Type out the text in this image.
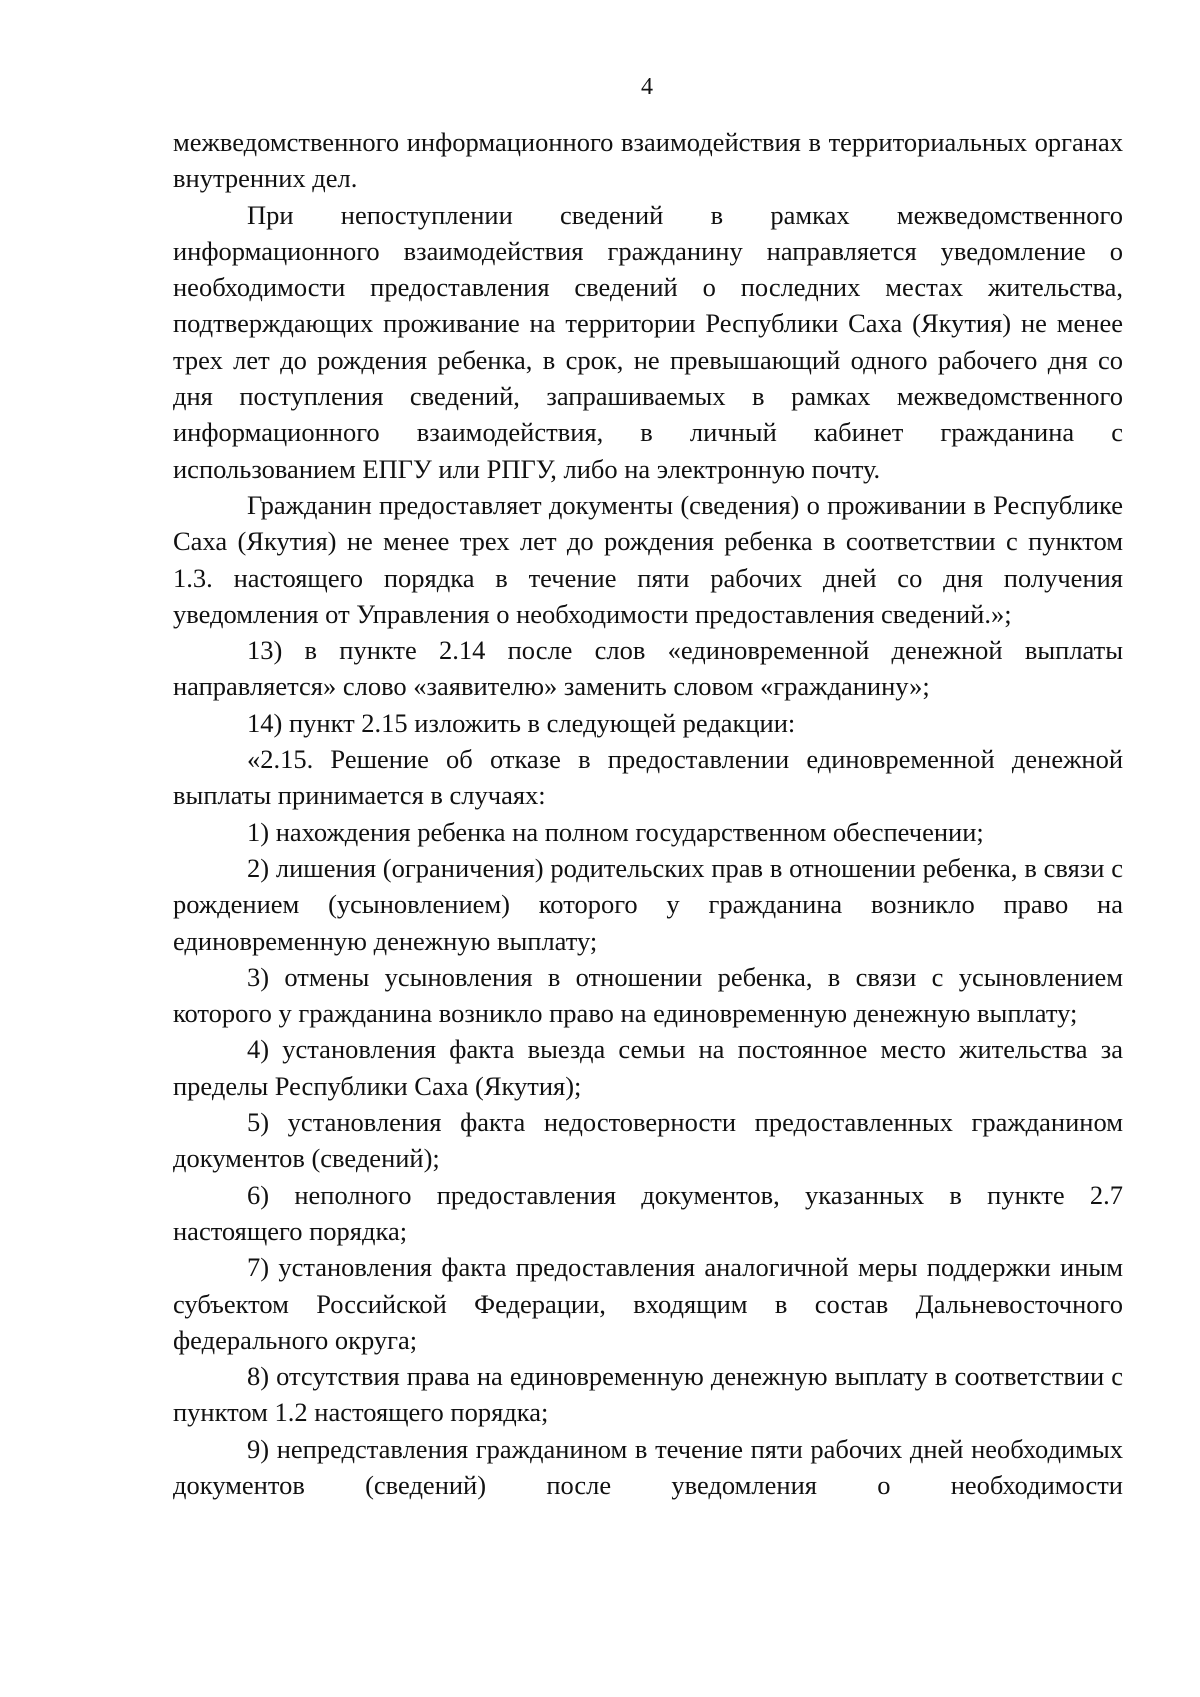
4

межведомственного информационного взаимодействия в территориальных органах внутренних дел.

При непоступлении сведений в рамках межведомственного информационного взаимодействия гражданину направляется уведомление о необходимости предоставления сведений о последних местах жительства, подтверждающих проживание на территории Республики Саха (Якутия) не менее трех лет до рождения ребенка, в срок, не превышающий одного рабочего дня со дня поступления сведений, запрашиваемых в рамках межведомственного информационного взаимодействия, в личный кабинет гражданина с использованием ЕПГУ или РПГУ, либо на электронную почту.

Гражданин предоставляет документы (сведения) о проживании в Республике Саха (Якутия) не менее трех лет до рождения ребенка в соответствии с пунктом 1.3. настоящего порядка в течение пяти рабочих дней со дня получения уведомления от Управления о необходимости предоставления сведений.»;

13) в пункте 2.14 после слов «единовременной денежной выплаты направляется» слово «заявителю» заменить словом «гражданину»;

14) пункт 2.15 изложить в следующей редакции:

«2.15. Решение об отказе в предоставлении единовременной денежной выплаты принимается в случаях:

1) нахождения ребенка на полном государственном обеспечении;

2) лишения (ограничения) родительских прав в отношении ребенка, в связи с рождением (усыновлением) которого у гражданина возникло право на единовременную денежную выплату;

3) отмены усыновления в отношении ребенка, в связи с усыновлением которого у гражданина возникло право на единовременную денежную выплату;

4) установления факта выезда семьи на постоянное место жительства за пределы Республики Саха (Якутия);

5) установления факта недостоверности предоставленных гражданином документов (сведений);

6) неполного предоставления документов, указанных в пункте 2.7 настоящего порядка;

7) установления факта предоставления аналогичной меры поддержки иным субъектом Российской Федерации, входящим в состав Дальневосточного федерального округа;

8) отсутствия права на единовременную денежную выплату в соответствии с пунктом 1.2 настоящего порядка;

9) непредставления гражданином в течение пяти рабочих дней необходимых документов (сведений) после уведомления о необходимости
